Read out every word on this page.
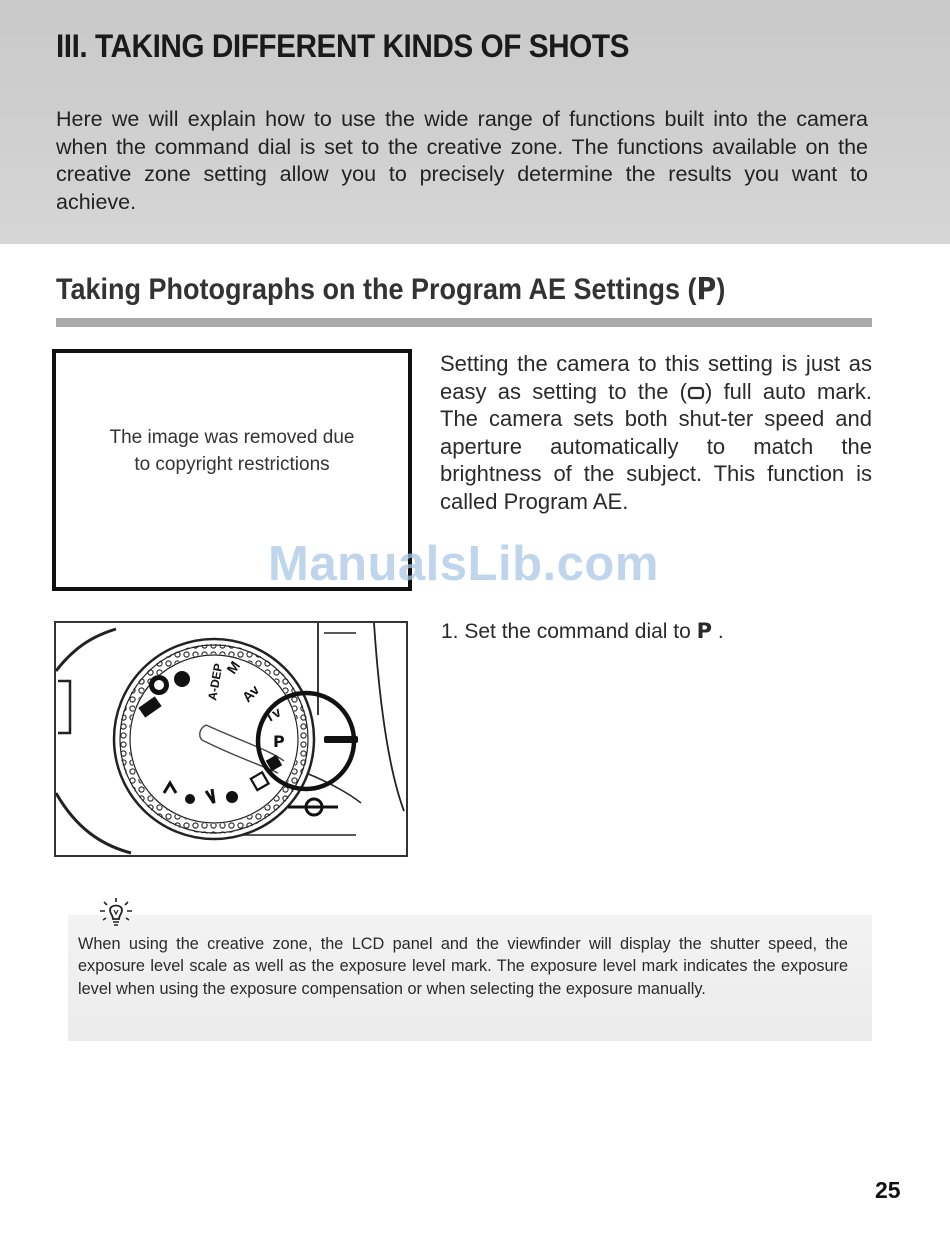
III. TAKING DIFFERENT KINDS OF SHOTS

Here we will explain how to use the wide range of functions built into the camera when the command dial is set to the creative zone. The functions available on the creative zone setting allow you to precisely determine the results you want to achieve.

Taking Photographs on the Program AE Settings (P)
The image was removed due
to copyright restrictions

Setting the camera to this setting is just as easy as setting to the ( ) full auto mark. The camera sets both shut-ter speed and aperture automatically to match the brightness of the subject. This function is called Program AE.

ManualsLib.com
A-DEP
M
Av
Tv
P

1. Set the command dial to P .

When using the creative zone, the LCD panel and the viewfinder will display the shutter speed, the exposure level scale as well as the exposure level mark. The exposure level mark indicates the exposure level when using the exposure compensation or when selecting the exposure manually.

25
